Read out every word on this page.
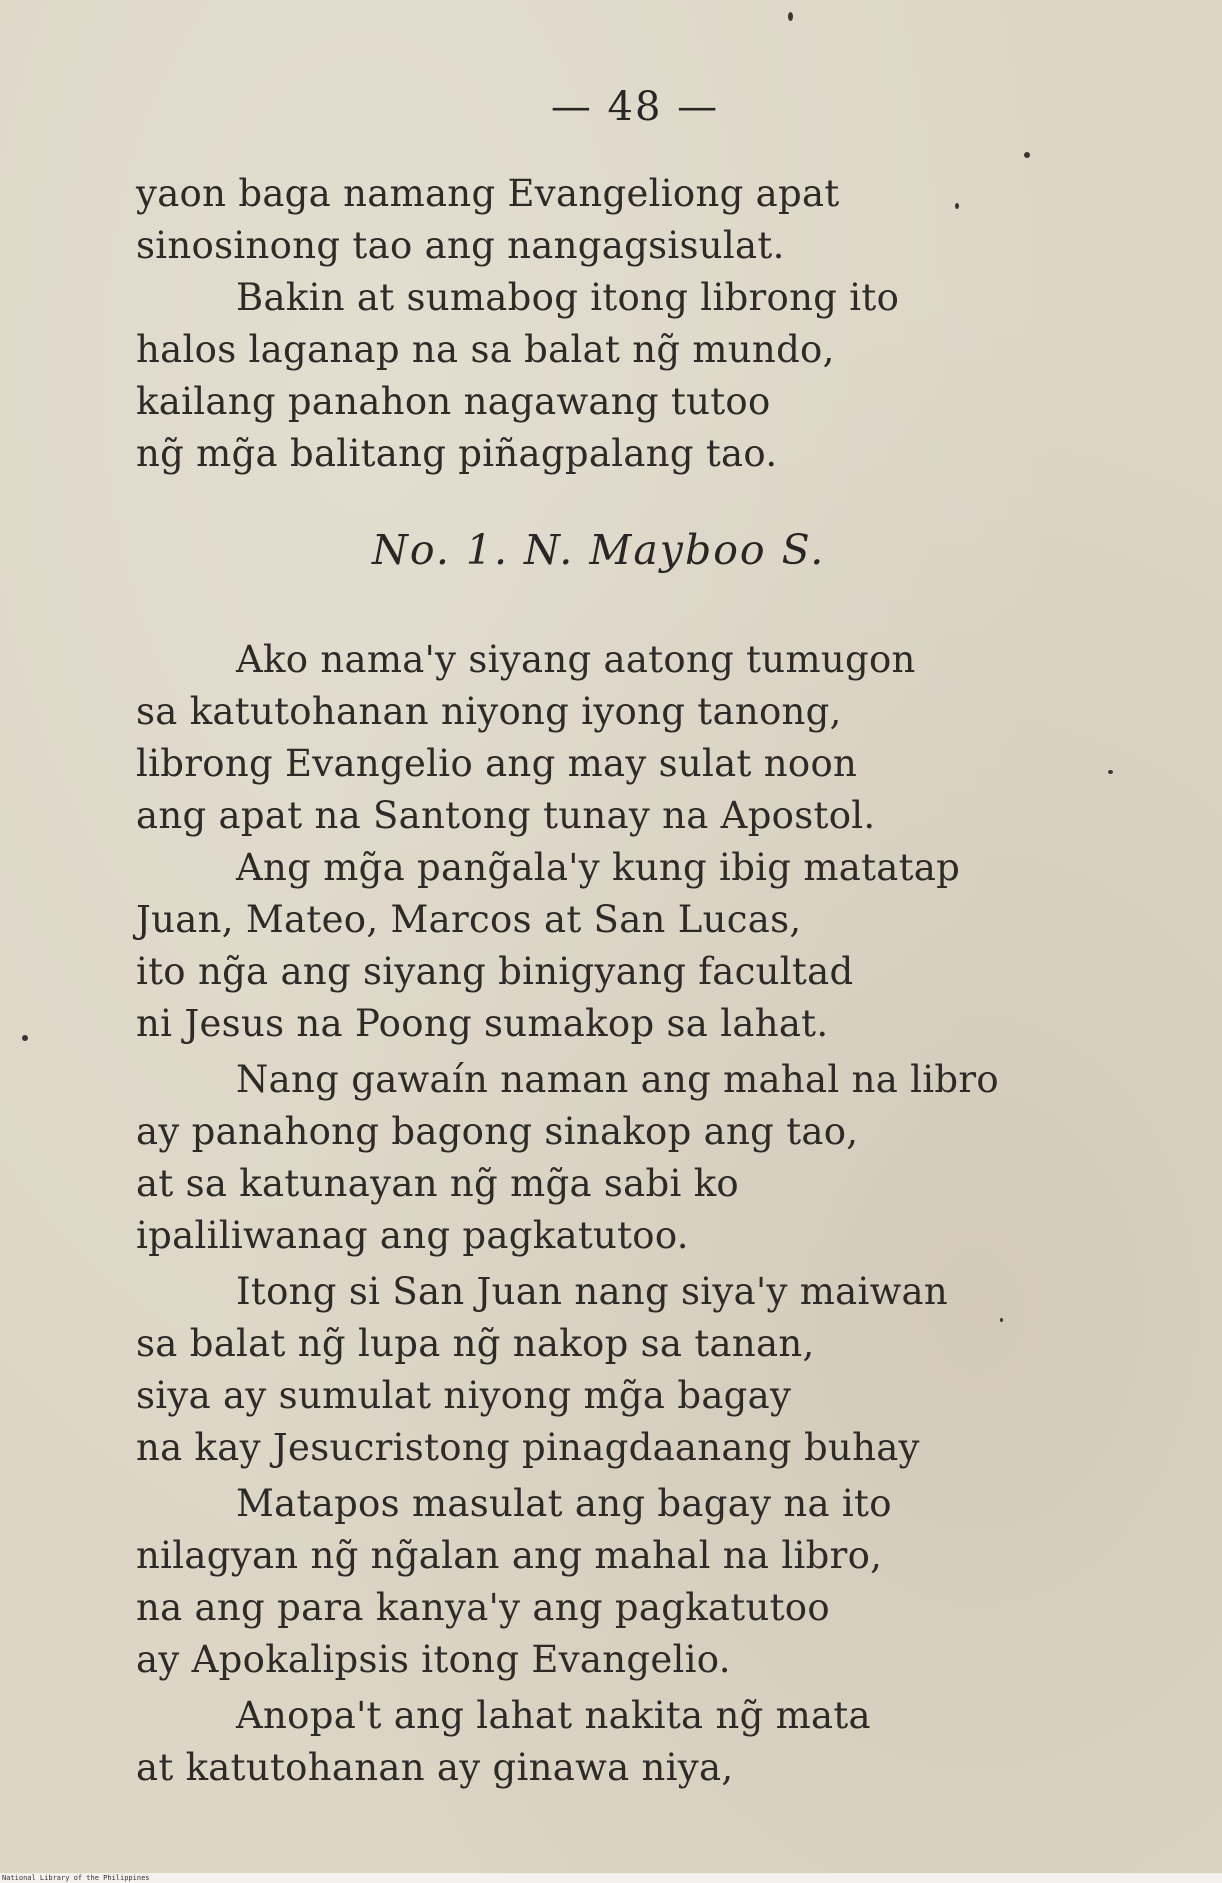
— 48 —
yaon baga namang Evangeliong apat
sinosinong tao ang nangagsisulat.
Bakin at sumabog itong librong ito
halos laganap na sa balat ng̃ mundo,
kailang panahon nagawang tutoo
ng̃ mg̃a balitang piñagpalang tao.
No. 1. N. Mayboo S.
Ako nama'y siyang aatong tumugon
sa katutohanan niyong iyong tanong,
librong Evangelio ang may sulat noon
ang apat na Santong tunay na Apostol.
Ang mg̃a pang̃ala'y kung ibig matatap
Juan, Mateo, Marcos at San Lucas,
ito ng̃a ang siyang binigyang facultad
ni Jesus na Poong sumakop sa lahat.
Nang gawaín naman ang mahal na libro
ay panahong bagong sinakop ang tao,
at sa katunayan ng̃ mg̃a sabi ko
ipaliliwanag ang pagkatutoo.
Itong si San Juan nang siya'y maiwan
sa balat ng̃ lupa ng̃ nakop sa tanan,
siya ay sumulat niyong mg̃a bagay
na kay Jesucristong pinagdaanang buhay
Matapos masulat ang bagay na ito
nilagyan ng̃ ng̃alan ang mahal na libro,
na ang para kanya'y ang pagkatutoo
ay Apokalipsis itong Evangelio.
Anopa't ang lahat nakita ng̃ mata
at katutohanan ay ginawa niya,
National Library of the Philippines
